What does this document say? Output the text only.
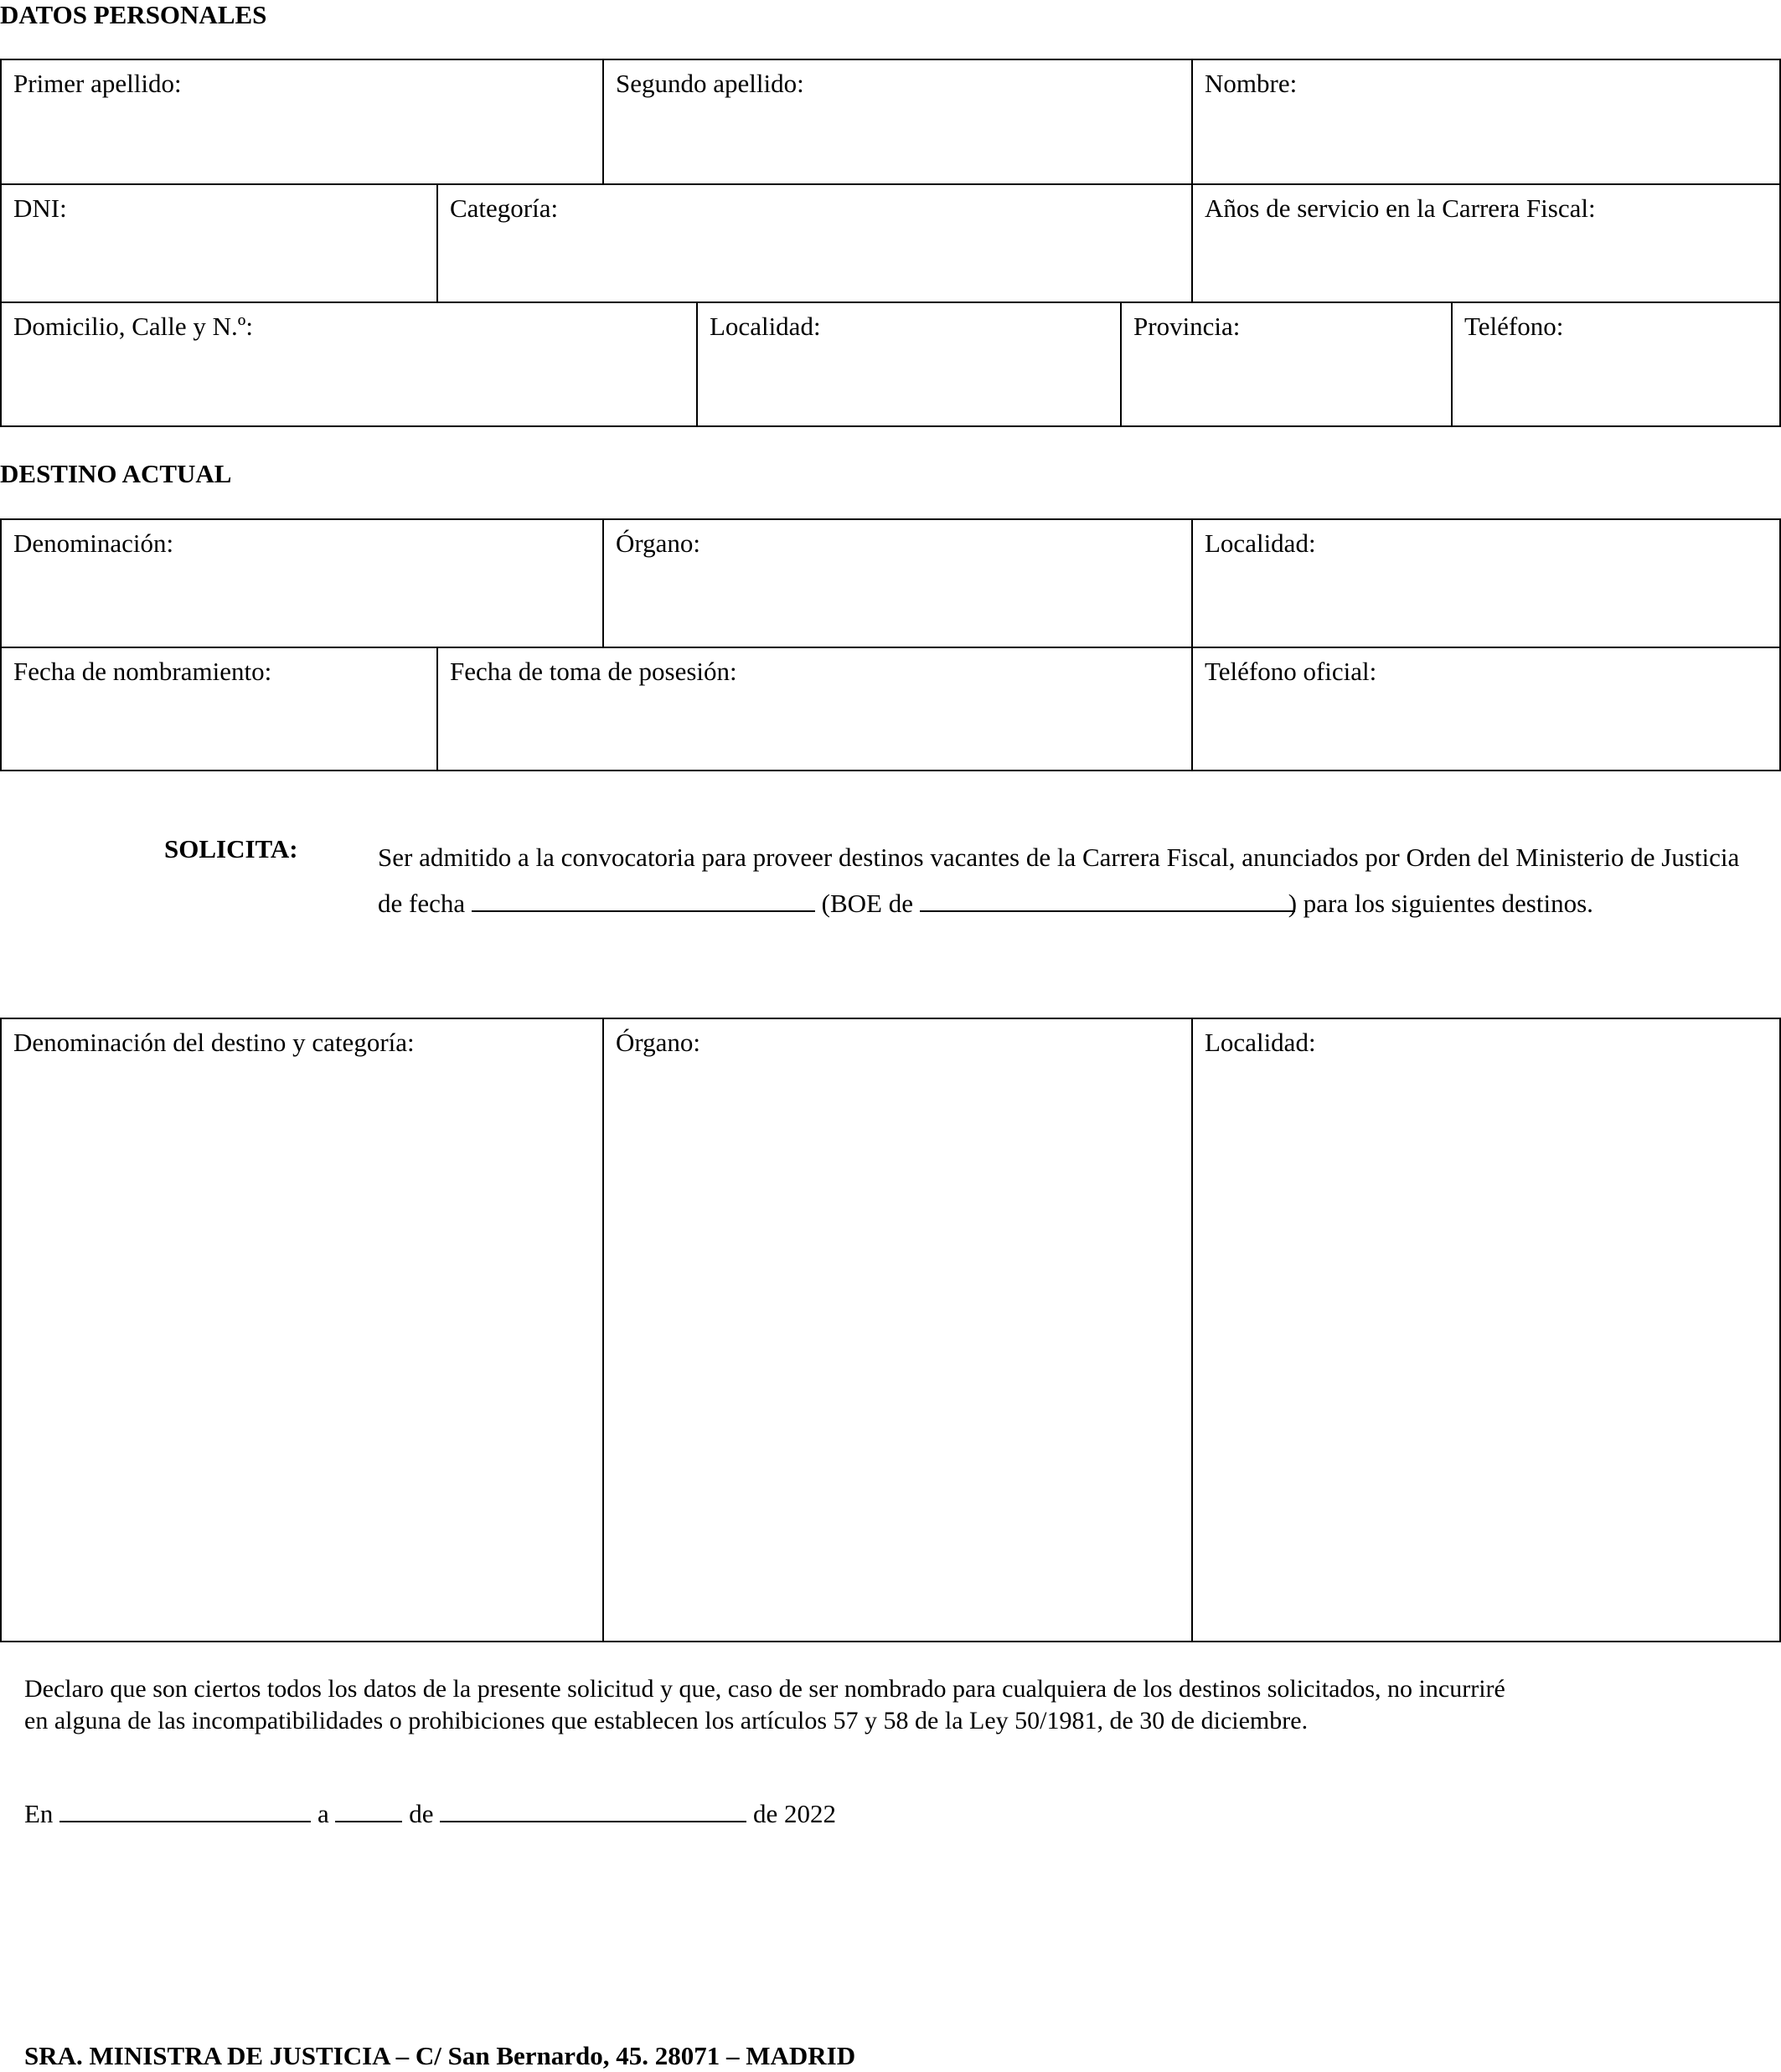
DATOS PERSONALES
Primer apellido:	Segundo apellido:	Nombre:
DNI:	Categoría:	Años de servicio en la Carrera Fiscal:
Domicilio, Calle y N.º:	Localidad:	Provincia:	Teléfono:
DESTINO ACTUAL
Denominación:	Órgano:	Localidad:
Fecha de nombramiento:	Fecha de toma de posesión:	Teléfono oficial:
SOLICITA:	Ser admitido a la convocatoria para proveer destinos vacantes de la Carrera Fiscal, anunciados por Orden del Ministerio de Justicia de fecha	(BOE de	) para los siguientes destinos.
Denominación del destino y categoría:	Órgano:	Localidad:
Declaro que son ciertos todos los datos de la presente solicitud y que, caso de ser nombrado para cualquiera de los destinos solicitados, no incurriré
en alguna de las incompatibilidades o prohibiciones que establecen los artículos 57 y 58 de la Ley 50/1981, de 30 de diciembre.
En	a	de	de 2022
SRA. MINISTRA DE JUSTICIA – C/ San Bernardo, 45. 28071 – MADRID
